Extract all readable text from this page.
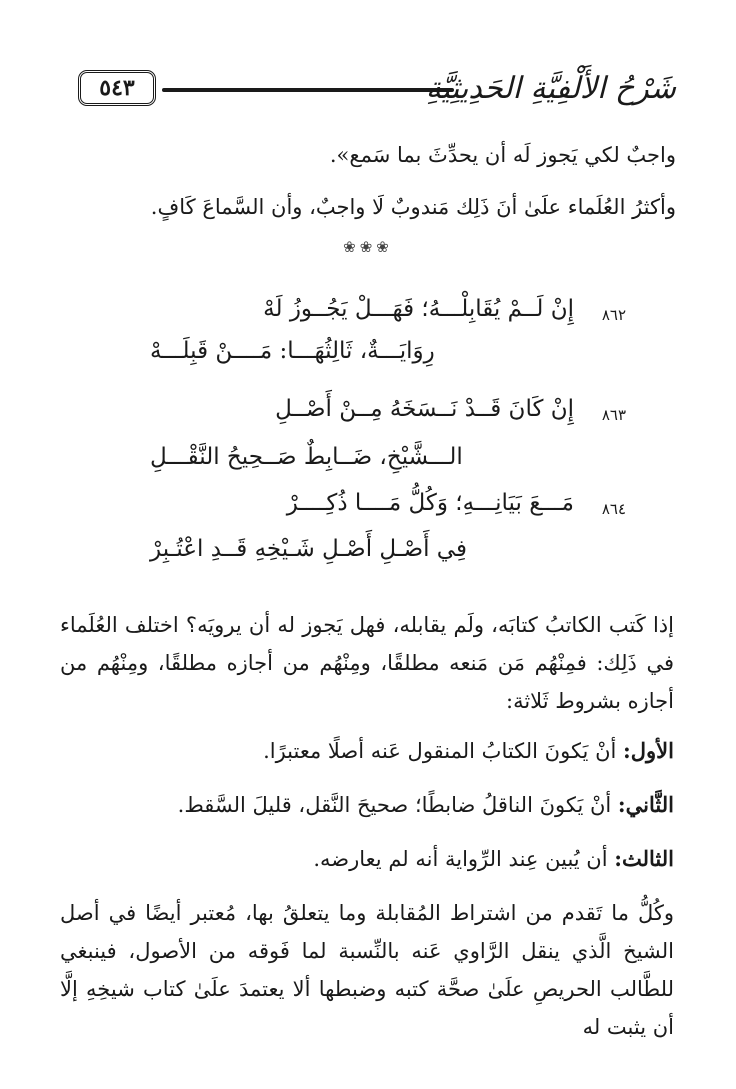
٥٤٣	شَرْحُ الأَلْفِيَّةِ الحَدِيثِيَّةِ
واجبٌ لكي يَجوز لَه أن يحدِّثَ بما سَمع».
وأكثرُ العُلَماء علَىٰ أنَ ذَلِك مَندوبٌ لَا واجبٌ، وأن السَّماعَ كَافٍ.
❀❀❀
٨٦٢
إِنْ لَــمْ يُقَابِلْـــهُ؛ فَهَـــلْ يَجُــوزُ لَهْ
رِوَايَـــةٌ، ثَالِثُهَـــا: مَــــنْ قَبِلَـــهْ
٨٦٣
إِنْ كَانَ قَــدْ نَــسَخَهُ مِــنْ أَصْــلِ
الـــشَّيْخِ، ضَــابِطٌ صَــحِيحُ النَّقْـــلِ
٨٦٤
مَـــعَ بَيَانِـــهِ؛ وَكُلُّ مَــــا ذُكِــــرْ
فِي أَصْـلِ أَصْـلِ شَـيْخِهِ قَــدِ اعْتُـبِرْ
إذا كَتب الكاتبُ كتابَه، ولَم يقابله، فهل يَجوز له أن يرويَه؟ اختلف العُلَماء في ذَلِك: فمِنْهُم مَن مَنعه مطلقًا، ومِنْهُم من أجازه مطلقًا، ومِنْهُم من أجازه بشروط ثَلاثة:
الأول: أنْ يَكونَ الكتابُ المنقول عَنه أصلًا معتبرًا.
الثَّاني: أنْ يَكونَ الناقلُ ضابطًا؛ صحيحَ النَّقل، قليلَ السَّقط.
الثالث: أن يُبين عِند الرِّواية أنه لم يعارضه.
وكُلُّ ما تَقدم من اشتراط المُقابلة وما يتعلقُ بها، مُعتبر أيضًا في أصل الشيخ الَّذي ينقل الرَّاوي عَنه بالنِّسبة لما فَوقه من الأصول، فينبغي للطَّالب الحريصِ علَىٰ صحَّة كتبه وضبطها ألا يعتمدَ علَىٰ كتاب شيخِهِ إلَّا أن يثبت له
